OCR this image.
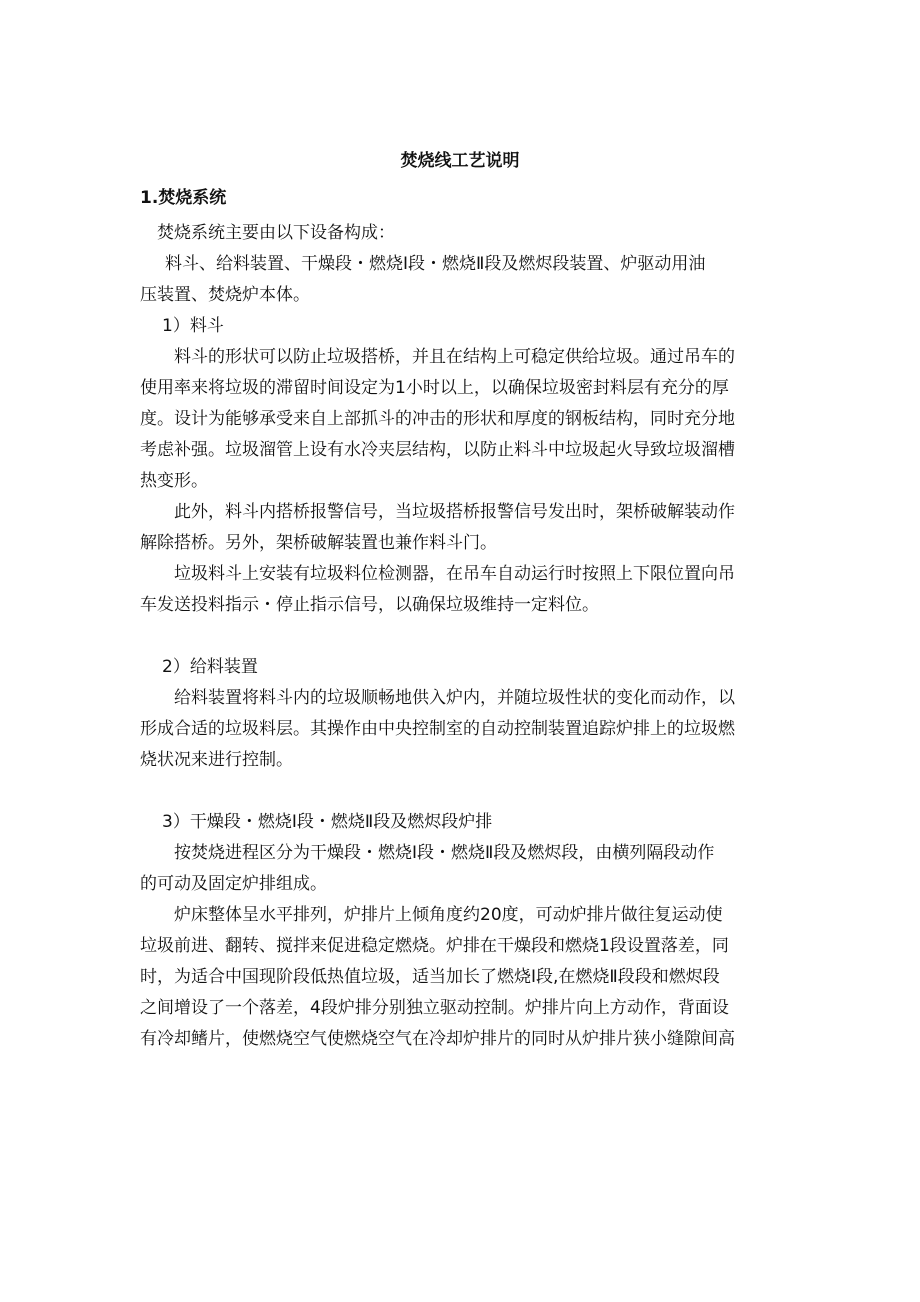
焚烧线工艺说明
1.焚烧系统

焚烧系统主要由以下设备构成：

料斗、给料装置、干燥段・燃烧Ⅰ段・燃烧Ⅱ段及燃烬段装置、炉驱动用油

压装置、焚烧炉本体。

1）料斗

料斗的形状可以防止垃圾搭桥，并且在结构上可稳定供给垃圾。通过吊车的

使用率来将垃圾的滞留时间设定为1小时以上，以确保垃圾密封料层有充分的厚

度。设计为能够承受来自上部抓斗的冲击的形状和厚度的钢板结构，同时充分地

考虑补强。垃圾溜管上设有水冷夹层结构，以防止料斗中垃圾起火导致垃圾溜槽

热变形。

此外，料斗内搭桥报警信号，当垃圾搭桥报警信号发出时，架桥破解装动作

解除搭桥。另外，架桥破解装置也兼作料斗门。

垃圾料斗上安装有垃圾料位检测器，在吊车自动运行时按照上下限位置向吊

车发送投料指示・停止指示信号，以确保垃圾维持一定料位。

2）给料装置

给料装置将料斗内的垃圾顺畅地供入炉内，并随垃圾性状的变化而动作，以

形成合适的垃圾料层。其操作由中央控制室的自动控制装置追踪炉排上的垃圾燃

烧状况来进行控制。

3）干燥段・燃烧Ⅰ段・燃烧Ⅱ段及燃烬段炉排

按焚烧进程区分为干燥段・燃烧Ⅰ段・燃烧Ⅱ段及燃烬段，由横列隔段动作

的可动及固定炉排组成。

炉床整体呈水平排列，炉排片上倾角度约20度，可动炉排片做往复运动使

垃圾前进、翻转、搅拌来促进稳定燃烧。炉排在干燥段和燃烧1段设置落差，同

时，为适合中国现阶段低热值垃圾，适当加长了燃烧Ⅰ段,在燃烧Ⅱ段段和燃烬段

之间增设了一个落差，4段炉排分别独立驱动控制。炉排片向上方动作，背面设

有冷却鳍片，使燃烧空气使燃烧空气在冷却炉排片的同时从炉排片狭小缝隙间高
